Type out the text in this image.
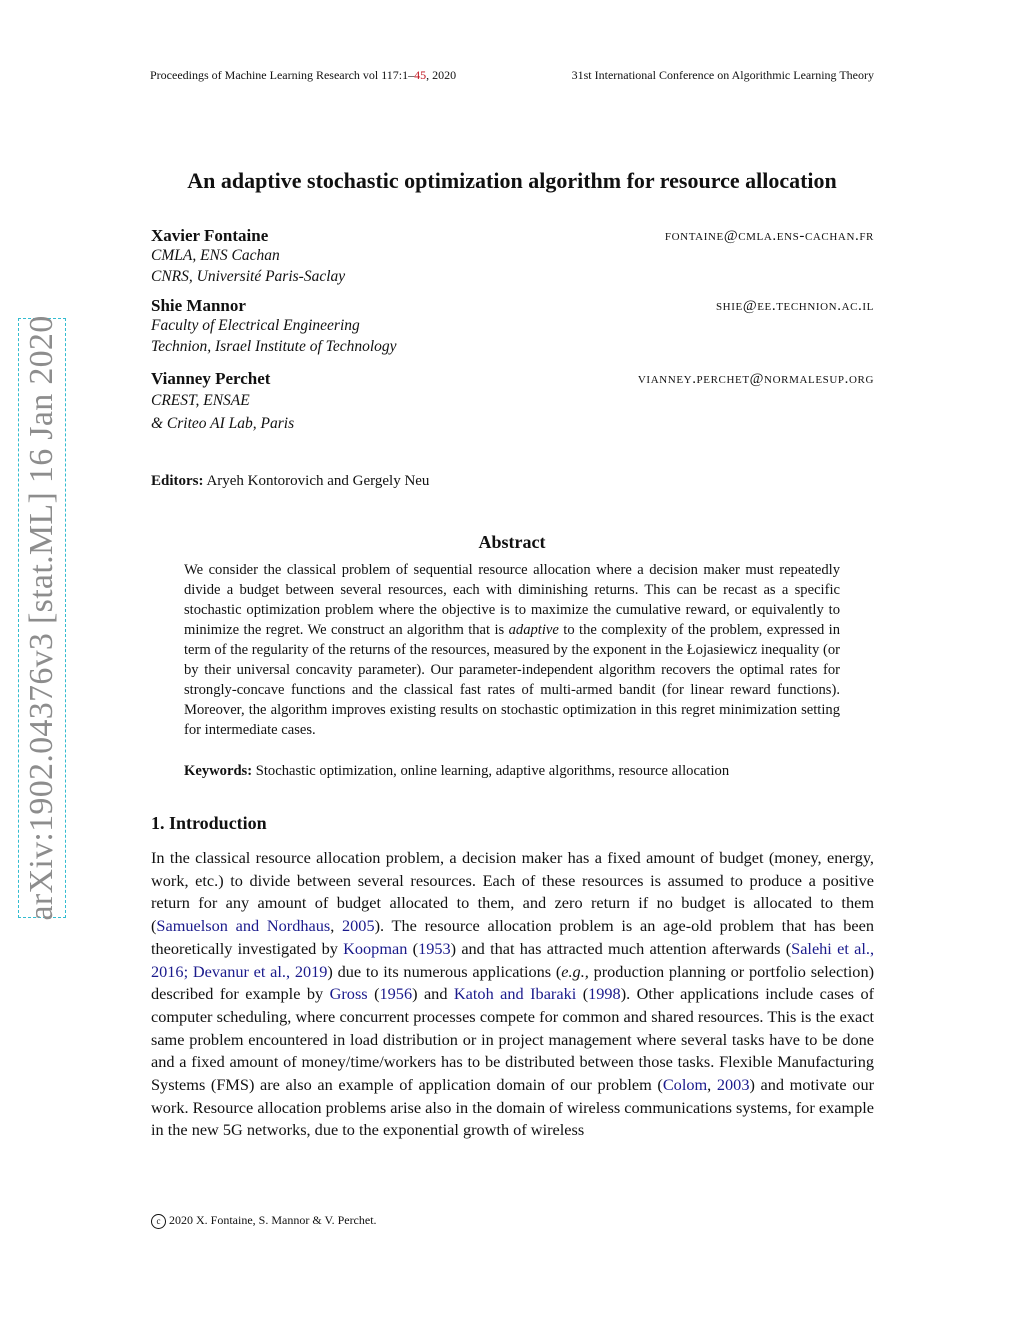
Proceedings of Machine Learning Research vol 117:1–45, 2020	31st International Conference on Algorithmic Learning Theory
arXiv:1902.04376v3 [stat.ML] 16 Jan 2020
An adaptive stochastic optimization algorithm for resource allocation
Xavier Fontaine	fontaine@cmla.ens-cachan.fr
CMLA, ENS Cachan
CNRS, Université Paris-Saclay
Shie Mannor	shie@ee.technion.ac.il
Faculty of Electrical Engineering
Technion, Israel Institute of Technology
Vianney Perchet	vianney.perchet@normalesup.org
CREST, ENSAE
& Criteo AI Lab, Paris
Editors: Aryeh Kontorovich and Gergely Neu
Abstract
We consider the classical problem of sequential resource allocation where a decision maker must repeatedly divide a budget between several resources, each with diminishing returns. This can be recast as a specific stochastic optimization problem where the objective is to maximize the cumulative reward, or equivalently to minimize the regret. We construct an algorithm that is adaptive to the complexity of the problem, expressed in term of the regularity of the returns of the resources, measured by the exponent in the Łojasiewicz inequality (or by their universal concavity parameter). Our parameter-independent algorithm recovers the optimal rates for strongly-concave functions and the classical fast rates of multi-armed bandit (for linear reward functions). Moreover, the algorithm improves existing results on stochastic optimization in this regret minimization setting for intermediate cases.
Keywords: Stochastic optimization, online learning, adaptive algorithms, resource allocation
1. Introduction
In the classical resource allocation problem, a decision maker has a fixed amount of budget (money, energy, work, etc.) to divide between several resources. Each of these resources is assumed to produce a positive return for any amount of budget allocated to them, and zero return if no budget is allocated to them (Samuelson and Nordhaus, 2005). The resource allocation problem is an age-old problem that has been theoretically investigated by Koopman (1953) and that has attracted much attention afterwards (Salehi et al., 2016; Devanur et al., 2019) due to its numerous applications (e.g., production planning or portfolio selection) described for example by Gross (1956) and Katoh and Ibaraki (1998). Other applications include cases of computer scheduling, where concurrent processes compete for common and shared resources. This is the exact same problem encountered in load distribution or in project management where several tasks have to be done and a fixed amount of money/time/workers has to be distributed between those tasks. Flexible Manufacturing Systems (FMS) are also an example of application domain of our problem (Colom, 2003) and motivate our work. Resource allocation problems arise also in the domain of wireless communications systems, for example in the new 5G networks, due to the exponential growth of wireless
c 2020 X. Fontaine, S. Mannor & V. Perchet.
